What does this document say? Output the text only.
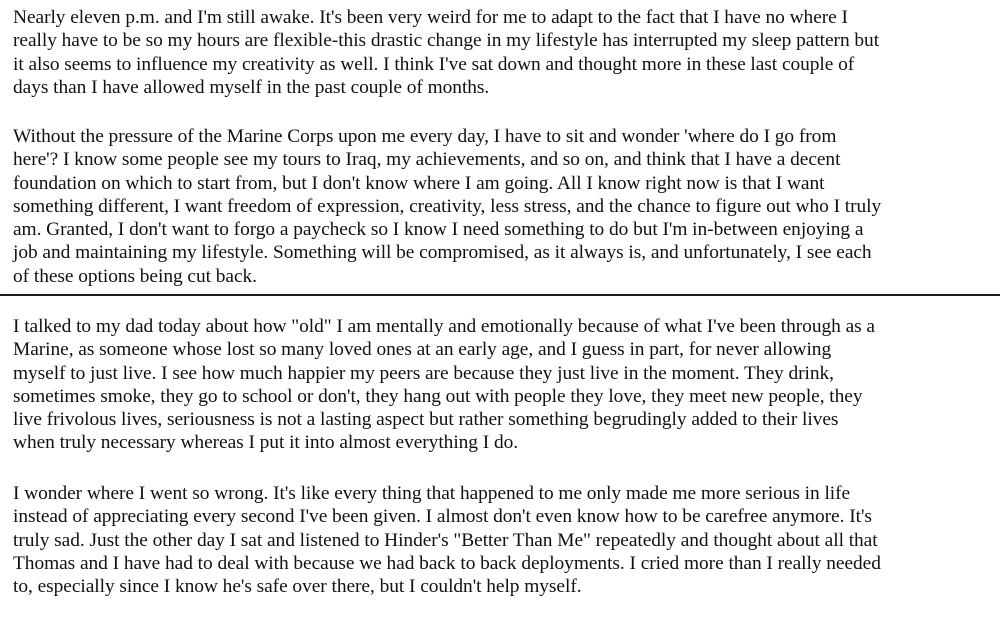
Nearly eleven p.m. and I'm still awake. It's been very weird for me to adapt to the fact that I have no where I
really have to be so my hours are flexible-this drastic change in my lifestyle has interrupted my sleep pattern but
it also seems to influence my creativity as well. I think I've sat down and thought more in these last couple of
days than I have allowed myself in the past couple of months.

Without the pressure of the Marine Corps upon me every day, I have to sit and wonder 'where do I go from
here'? I know some people see my tours to Iraq, my achievements, and so on, and think that I have a decent
foundation on which to start from, but I don't know where I am going. All I know right now is that I want
something different, I want freedom of expression, creativity, less stress, and the chance to figure out who I truly
am. Granted, I don't want to forgo a paycheck so I know I need something to do but I'm in-between enjoying a
job and maintaining my lifestyle. Something will be compromised, as it always is, and unfortunately, I see each
of these options being cut back.

I talked to my dad today about how "old" I am mentally and emotionally because of what I've been through as a
Marine, as someone whose lost so many loved ones at an early age, and I guess in part, for never allowing
myself to just live. I see how much happier my peers are because they just live in the moment. They drink,
sometimes smoke, they go to school or don't, they hang out with people they love, they meet new people, they
live frivolous lives, seriousness is not a lasting aspect but rather something begrudingly added to their lives
when truly necessary whereas I put it into almost everything I do.

I wonder where I went so wrong. It's like every thing that happened to me only made me more serious in life
instead of appreciating every second I've been given. I almost don't even know how to be carefree anymore. It's
truly sad. Just the other day I sat and listened to Hinder's "Better Than Me" repeatedly and thought about all that
Thomas and I have had to deal with because we had back to back deployments. I cried more than I really needed
to, especially since I know he's safe over there, but I couldn't help myself.
